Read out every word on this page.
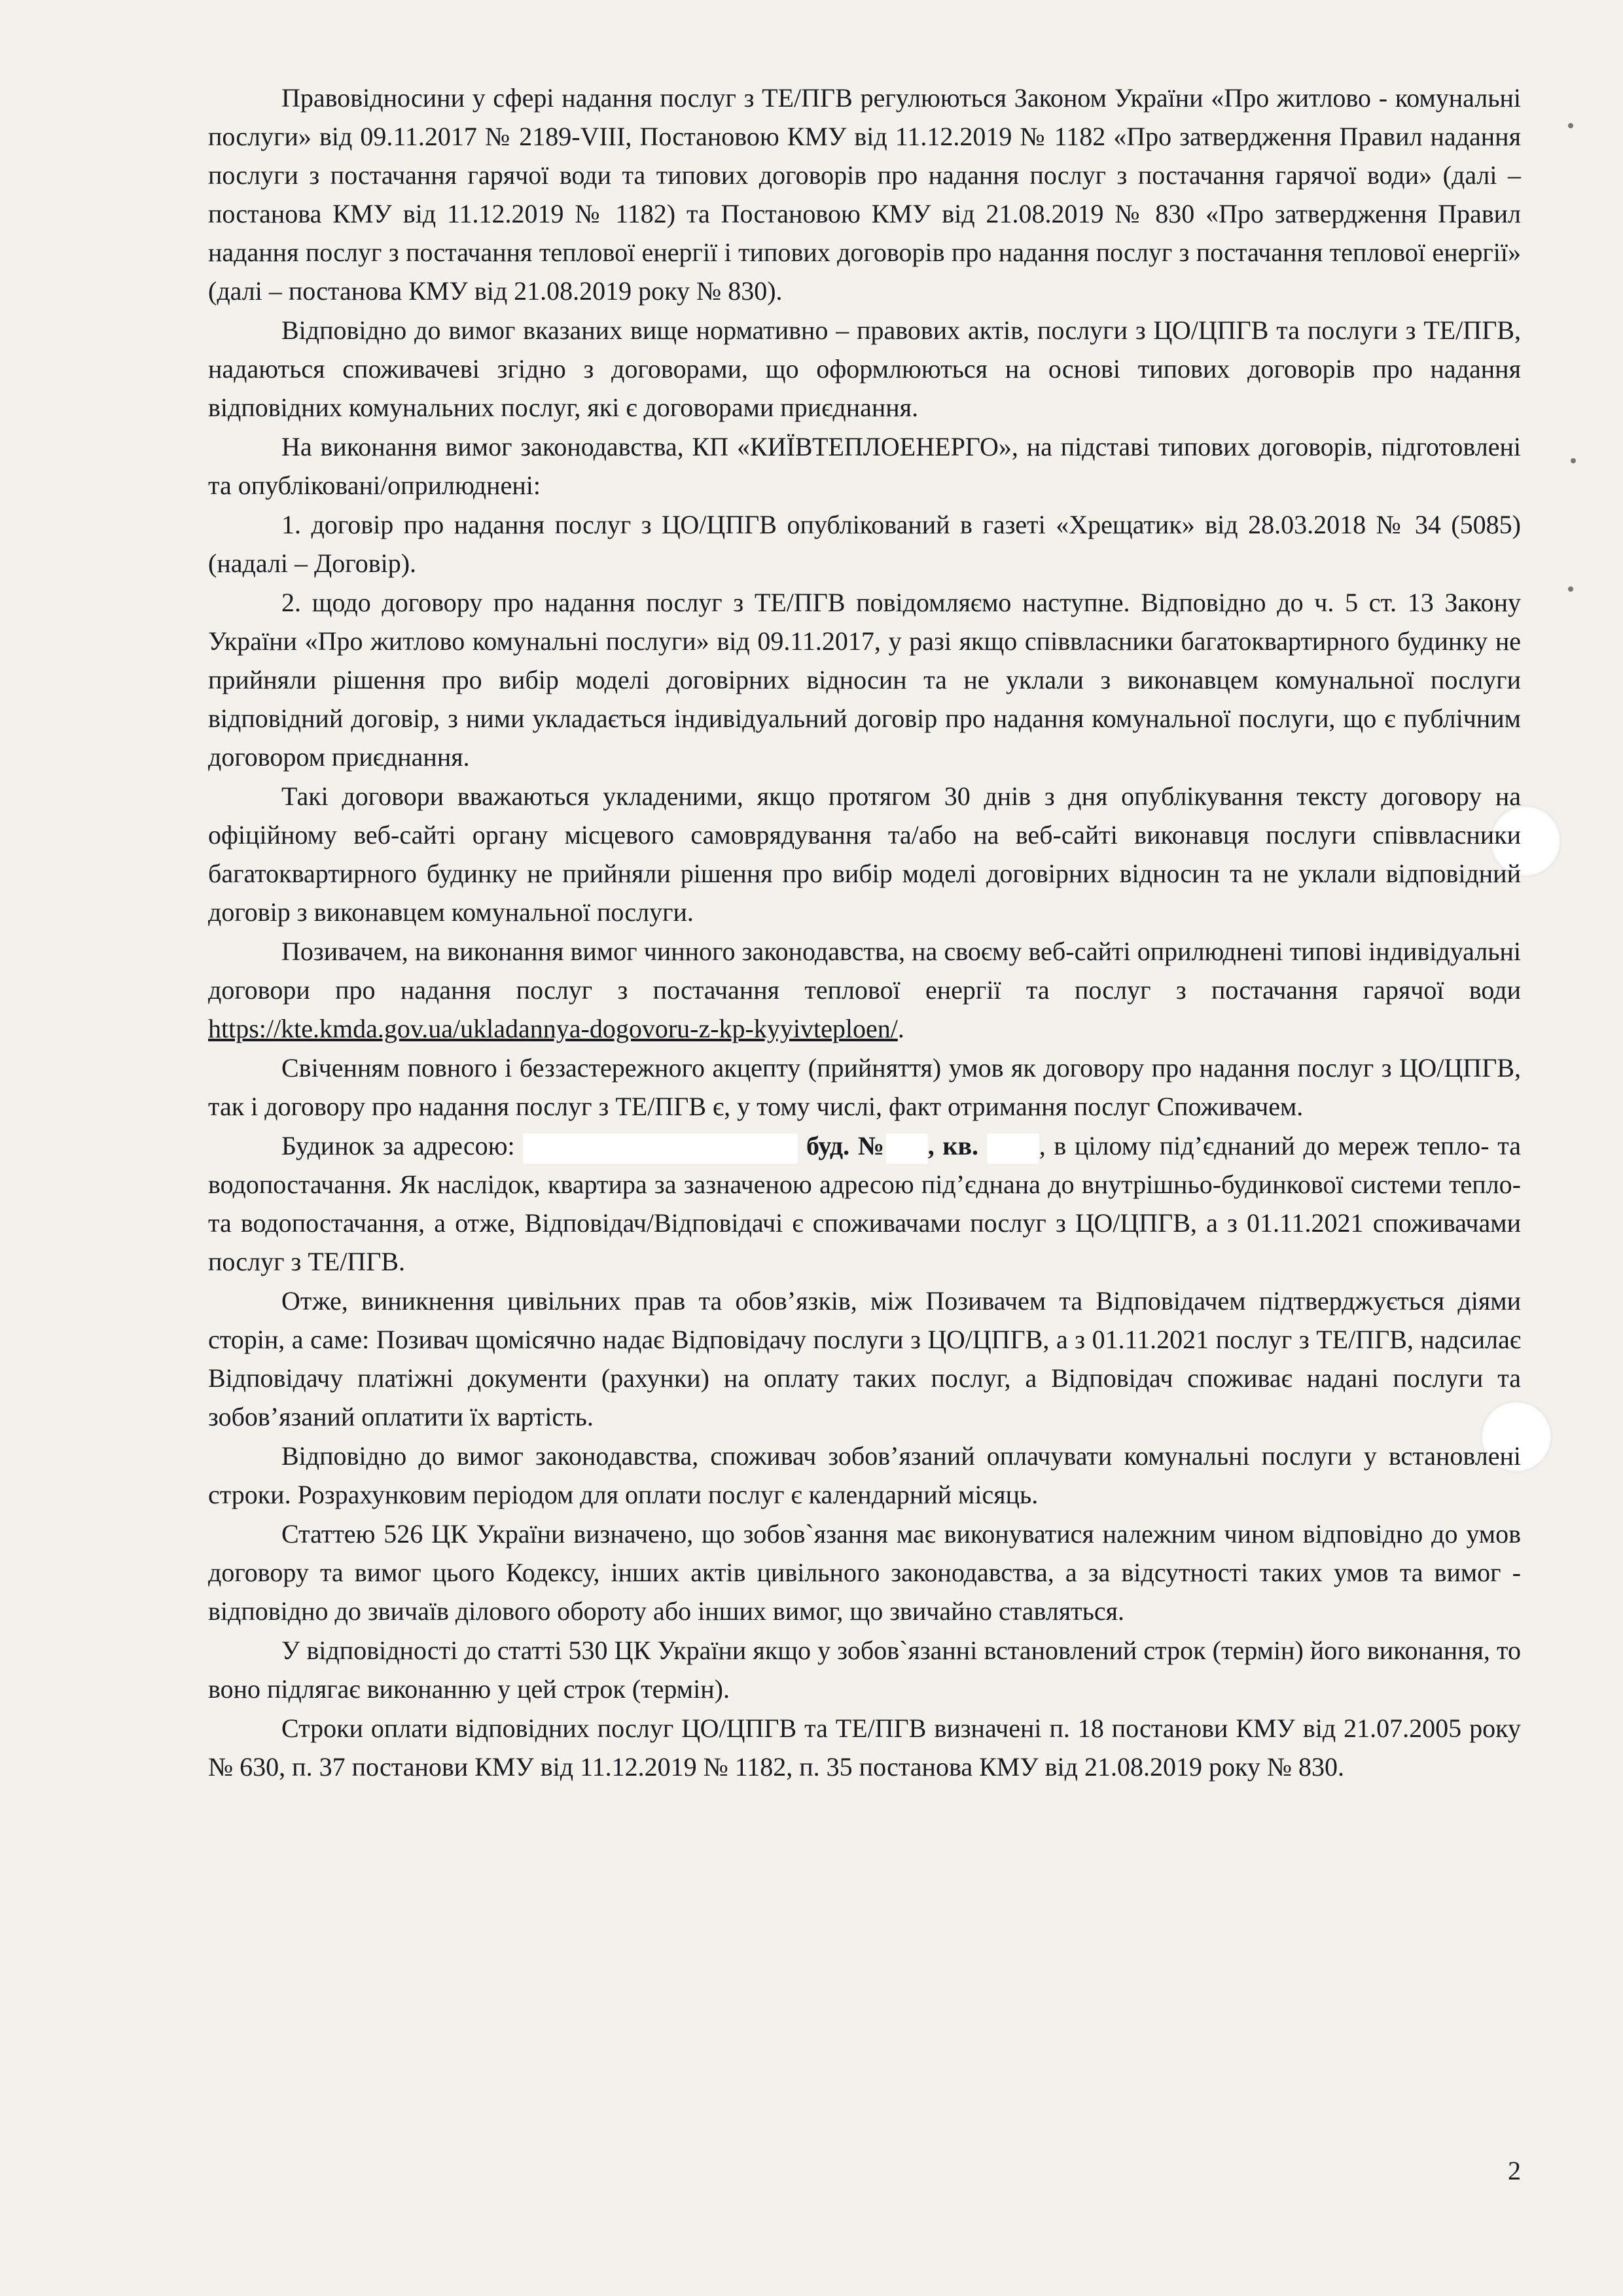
Правовідносини у сфері надання послуг з ТЕ/ПГВ регулюються Законом України «Про житлово - комунальні послуги» від 09.11.2017 № 2189-VIII, Постановою КМУ від 11.12.2019 № 1182 «Про затвердження Правил надання послуги з постачання гарячої води та типових договорів про надання послуг з постачання гарячої води» (далі – постанова КМУ від 11.12.2019 № 1182) та Постановою КМУ від 21.08.2019 № 830 «Про затвердження Правил надання послуг з постачання теплової енергії і типових договорів про надання послуг з постачання теплової енергії» (далі – постанова КМУ від 21.08.2019 року № 830).

Відповідно до вимог вказаних вище нормативно – правових актів, послуги з ЦО/ЦПГВ та послуги з ТЕ/ПГВ, надаються споживачеві згідно з договорами, що оформлюються на основі типових договорів про надання відповідних комунальних послуг, які є договорами приєднання.

На виконання вимог законодавства, КП «КИЇВТЕПЛОЕНЕРГО», на підставі типових договорів, підготовлені та опубліковані/оприлюднені:

1. договір про надання послуг з ЦО/ЦПГВ опублікований в газеті «Хрещатик» від 28.03.2018 № 34 (5085) (надалі – Договір).

2. щодо договору про надання послуг з ТЕ/ПГВ повідомляємо наступне. Відповідно до ч. 5 ст. 13 Закону України «Про житлово комунальні послуги» від 09.11.2017, у разі якщо співвласники багатоквартирного будинку не прийняли рішення про вибір моделі договірних відносин та не уклали з виконавцем комунальної послуги відповідний договір, з ними укладається індивідуальний договір про надання комунальної послуги, що є публічним договором приєднання.

Такі договори вважаються укладеними, якщо протягом 30 днів з дня опублікування тексту договору на офіційному веб-сайті органу місцевого самоврядування та/або на веб-сайті виконавця послуги співвласники багатоквартирного будинку не прийняли рішення про вибір моделі договірних відносин та не уклали відповідний договір з виконавцем комунальної послуги.

Позивачем, на виконання вимог чинного законодавства, на своєму веб-сайті оприлюднені типові індивідуальні договори про надання послуг з постачання теплової енергії та послуг з постачання гарячої води https://kte.kmda.gov.ua/ukladannya-dogovoru-z-kp-kyyivteploen/.

Свіченням повного і беззастережного акцепту (прийняття) умов як договору про надання послуг з ЦО/ЦПГВ, так і договору про надання послуг з ТЕ/ПГВ є, у тому числі, факт отримання послуг Споживачем.

Будинок за адресою:	буд. № , кв. , в цілому під’єднаний до мереж тепло- та водопостачання. Як наслідок, квартира за зазначеною адресою під’єднана до внутрішньо-будинкової системи тепло- та водопостачання, а отже, Відповідач/Відповідачі є споживачами послуг з ЦО/ЦПГВ, а з 01.11.2021 споживачами послуг з ТЕ/ПГВ.

Отже, виникнення цивільних прав та обов’язків, між Позивачем та Відповідачем підтверджується діями сторін, а саме: Позивач щомісячно надає Відповідачу послуги з ЦО/ЦПГВ, а з 01.11.2021 послуг з ТЕ/ПГВ, надсилає Відповідачу платіжні документи (рахунки) на оплату таких послуг, а Відповідач споживає надані послуги та зобов’язаний оплатити їх вартість.

Відповідно до вимог законодавства, споживач зобов’язаний оплачувати комунальні послуги у встановлені строки. Розрахунковим періодом для оплати послуг є календарний місяць.

Статтею 526 ЦК України визначено, що зобов`язання має виконуватися належним чином відповідно до умов договору та вимог цього Кодексу, інших актів цивільного законодавства, а за відсутності таких умов та вимог - відповідно до звичаїв ділового обороту або інших вимог, що звичайно ставляться.

У відповідності до статті 530 ЦК України якщо у зобов`язанні встановлений строк (термін) його виконання, то воно підлягає виконанню у цей строк (термін).

Строки оплати відповідних послуг ЦО/ЦПГВ та ТЕ/ПГВ визначені п. 18 постанови КМУ від 21.07.2005 року № 630, п. 37 постанови КМУ від 11.12.2019 № 1182, п. 35 постанова КМУ від 21.08.2019 року № 830.

2
